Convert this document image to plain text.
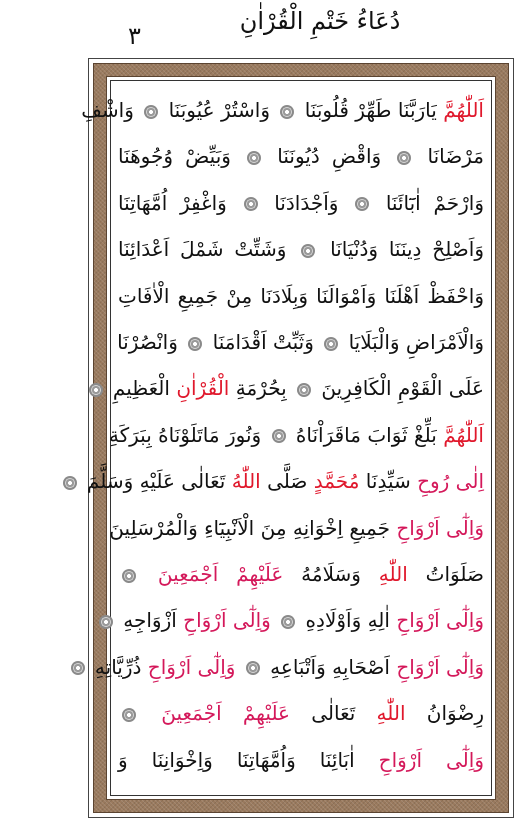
٣
دُعَاءُ خَتْمِ الْقُرْاٰنِ
اَللّٰهُمَّ يَارَبَّنَا طَهِّرْ قُلُوبَنَا  وَاسْتُرْ عُيُوبَنَا  وَاشْفِ
مَرْضَانَا  وَاقْضِ دُيُونَنَا  وَبَيِّضْ وُجُوهَنَا
وَارْحَمْ اٰبَٓائَنَا  وَاَجْدَادَنَا  وَاغْفِرْ اُمَّهَاتِنَا
وَاَصْلِحْ دِينَنَا وَدُنْيَانَا  وَشَتِّتْ شَمْلَ اَعْدَائِنَا
وَاحْفَظْ اَهْلَنَا وَاَمْوَالَنَا وَبِلَادَنَا مِنْ جَمِيعِ الْاٰفَاتِ
وَالْاَمْرَاضِ وَالْبَلَايَا  وَثَبِّتْ اَقْدَامَنَا  وَانْصُرْنَا
عَلَى الْقَوْمِ الْكَافِرِينَ  بِحُرْمَةِ الْقُرْاٰنِ الْعَظِيمِ
اَللّٰهُمَّ بَلِّغْ ثَوَابَ مَاقَرَاْنَاهُ  وَنُورَ مَاتَلَوْنَاهُ بِبَرَكَةِ
اِلٰى رُوحِ سَيِّدِنَا مُحَمَّدٍ صَلَّى اللّٰهُ تَعَالٰى عَلَيْهِ وَسَلَّمَ
وَاِلٰٓى اَرْوَاحِ جَمِيعِ اِخْوَانِهِ مِنَ الْاَنْبِيَٓاءِ وَالْمُرْسَلِينَ
صَلَوَاتُ اللّٰهِ وَسَلَامُهُ عَلَيْهِمْ اَجْمَعِينَ
وَاِلٰٓى اَرْوَاحِ اٰلِهِ وَاَوْلَادِهِ  وَاِلٰٓى اَرْوَاحِ اَزْوَاجِهِ
وَاِلٰٓى اَرْوَاحِ اَصْحَابِهِ وَاَتْبَاعِهِ  وَاِلٰٓى اَرْوَاحِ ذُرِّيَّاتِهِ
رِضْوَانُ اللّٰهِ تَعَالٰى عَلَيْهِمْ اَجْمَعِينَ
وَاِلٰٓى اَرْوَاحِ اٰبَائِنَا وَاُمَّهَاتِنَا وَاِخْوَانِنَا وَ
